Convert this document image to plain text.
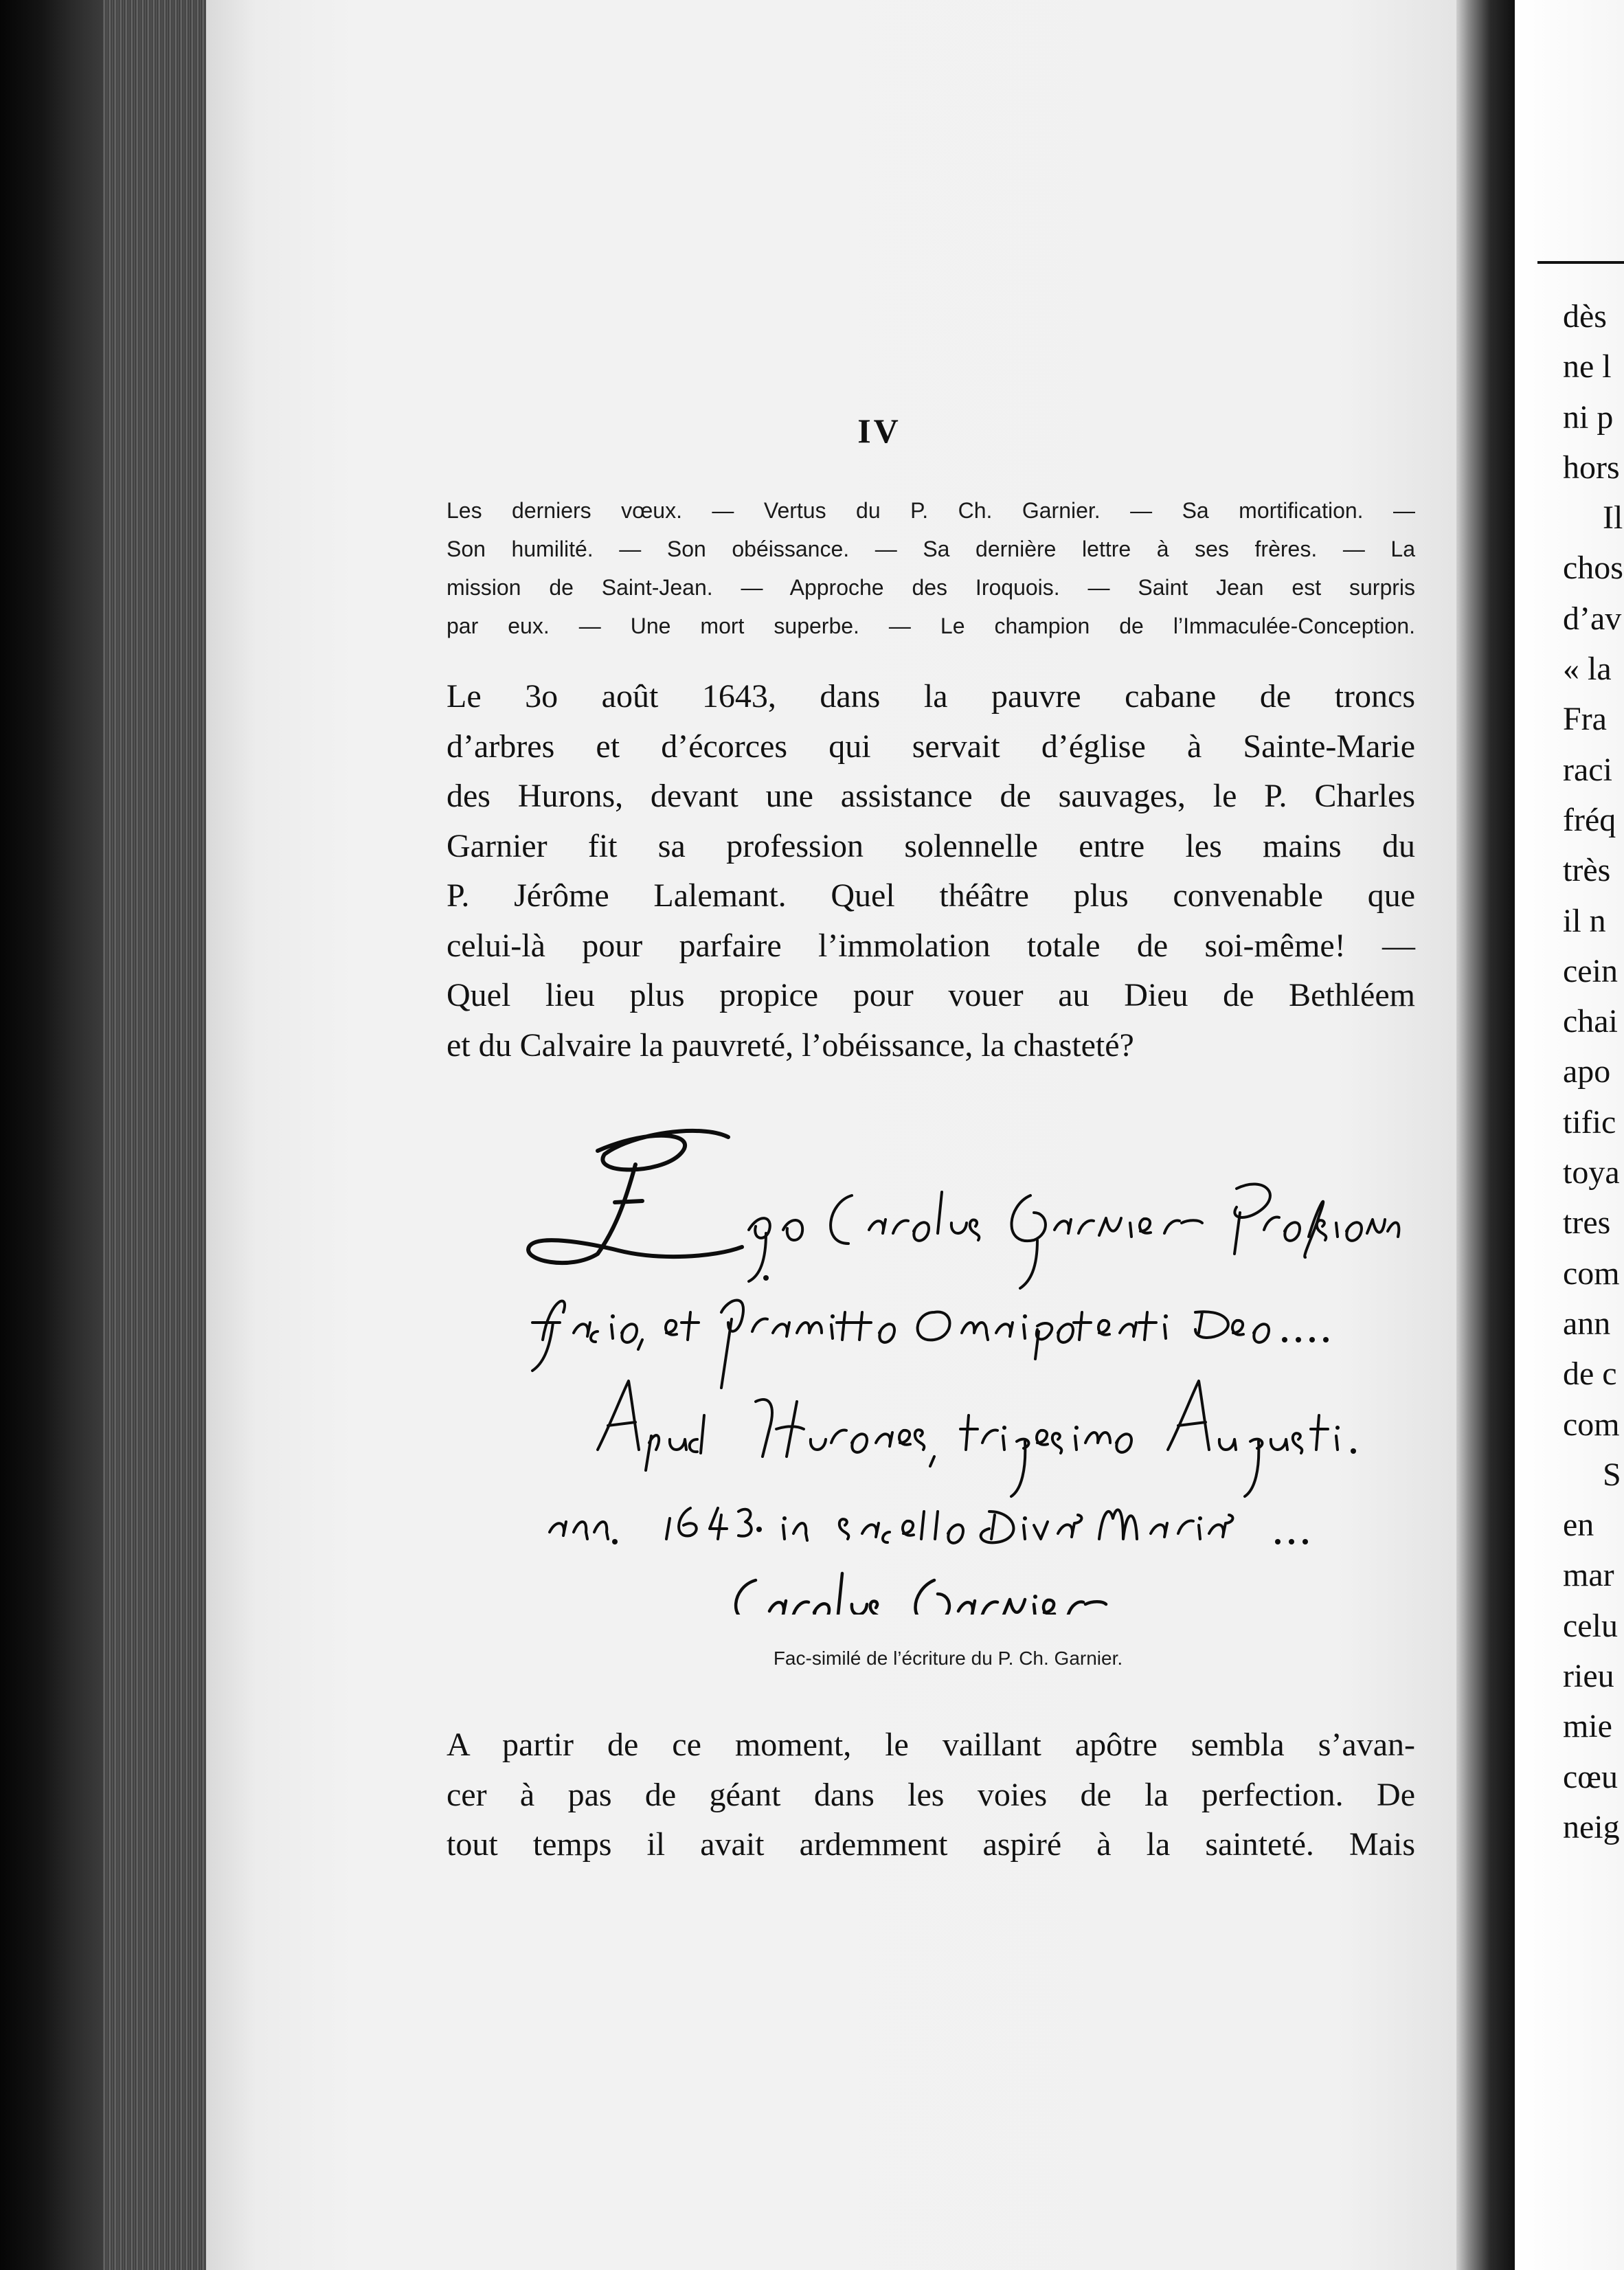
IV
Les derniers vœux. — Vertus du P. Ch. Garnier. — Sa mortification. —
Son humilité. — Son obéissance. — Sa dernière lettre à ses frères. — La
mission de Saint-Jean. — Approche des Iroquois. — Saint Jean est surpris
par eux. — Une mort superbe. — Le champion de l’Immaculée-Conception.
Le 3o août 1643, dans la pauvre cabane de troncs
d’arbres et d’écorces qui servait d’église à Sainte-Marie
des Hurons, devant une assistance de sauvages, le P. Charles
Garnier fit sa profession solennelle entre les mains du
P. Jérôme Lalemant. Quel théâtre plus convenable que
celui-là pour parfaire l’immolation totale de soi-même! —
Quel lieu plus propice pour vouer au Dieu de Bethléem
et du Calvaire la pauvreté, l’obéissance, la chasteté?
Fac-similé de l’écriture du P. Ch. Garnier.
A partir de ce moment, le vaillant apôtre sembla s’avan-
cer à pas de géant dans les voies de la perfection. De
tout temps il avait ardemment aspiré à la sainteté. Mais
dès
ne l
ni p
hors
Il
chos
d’av
« la
Fra
raci
fréq
très
il n
cein
chai
apo
tific
toya
tres
com
ann
de c
com
S
en
mar
celu
rieu
mie
cœu
neig
